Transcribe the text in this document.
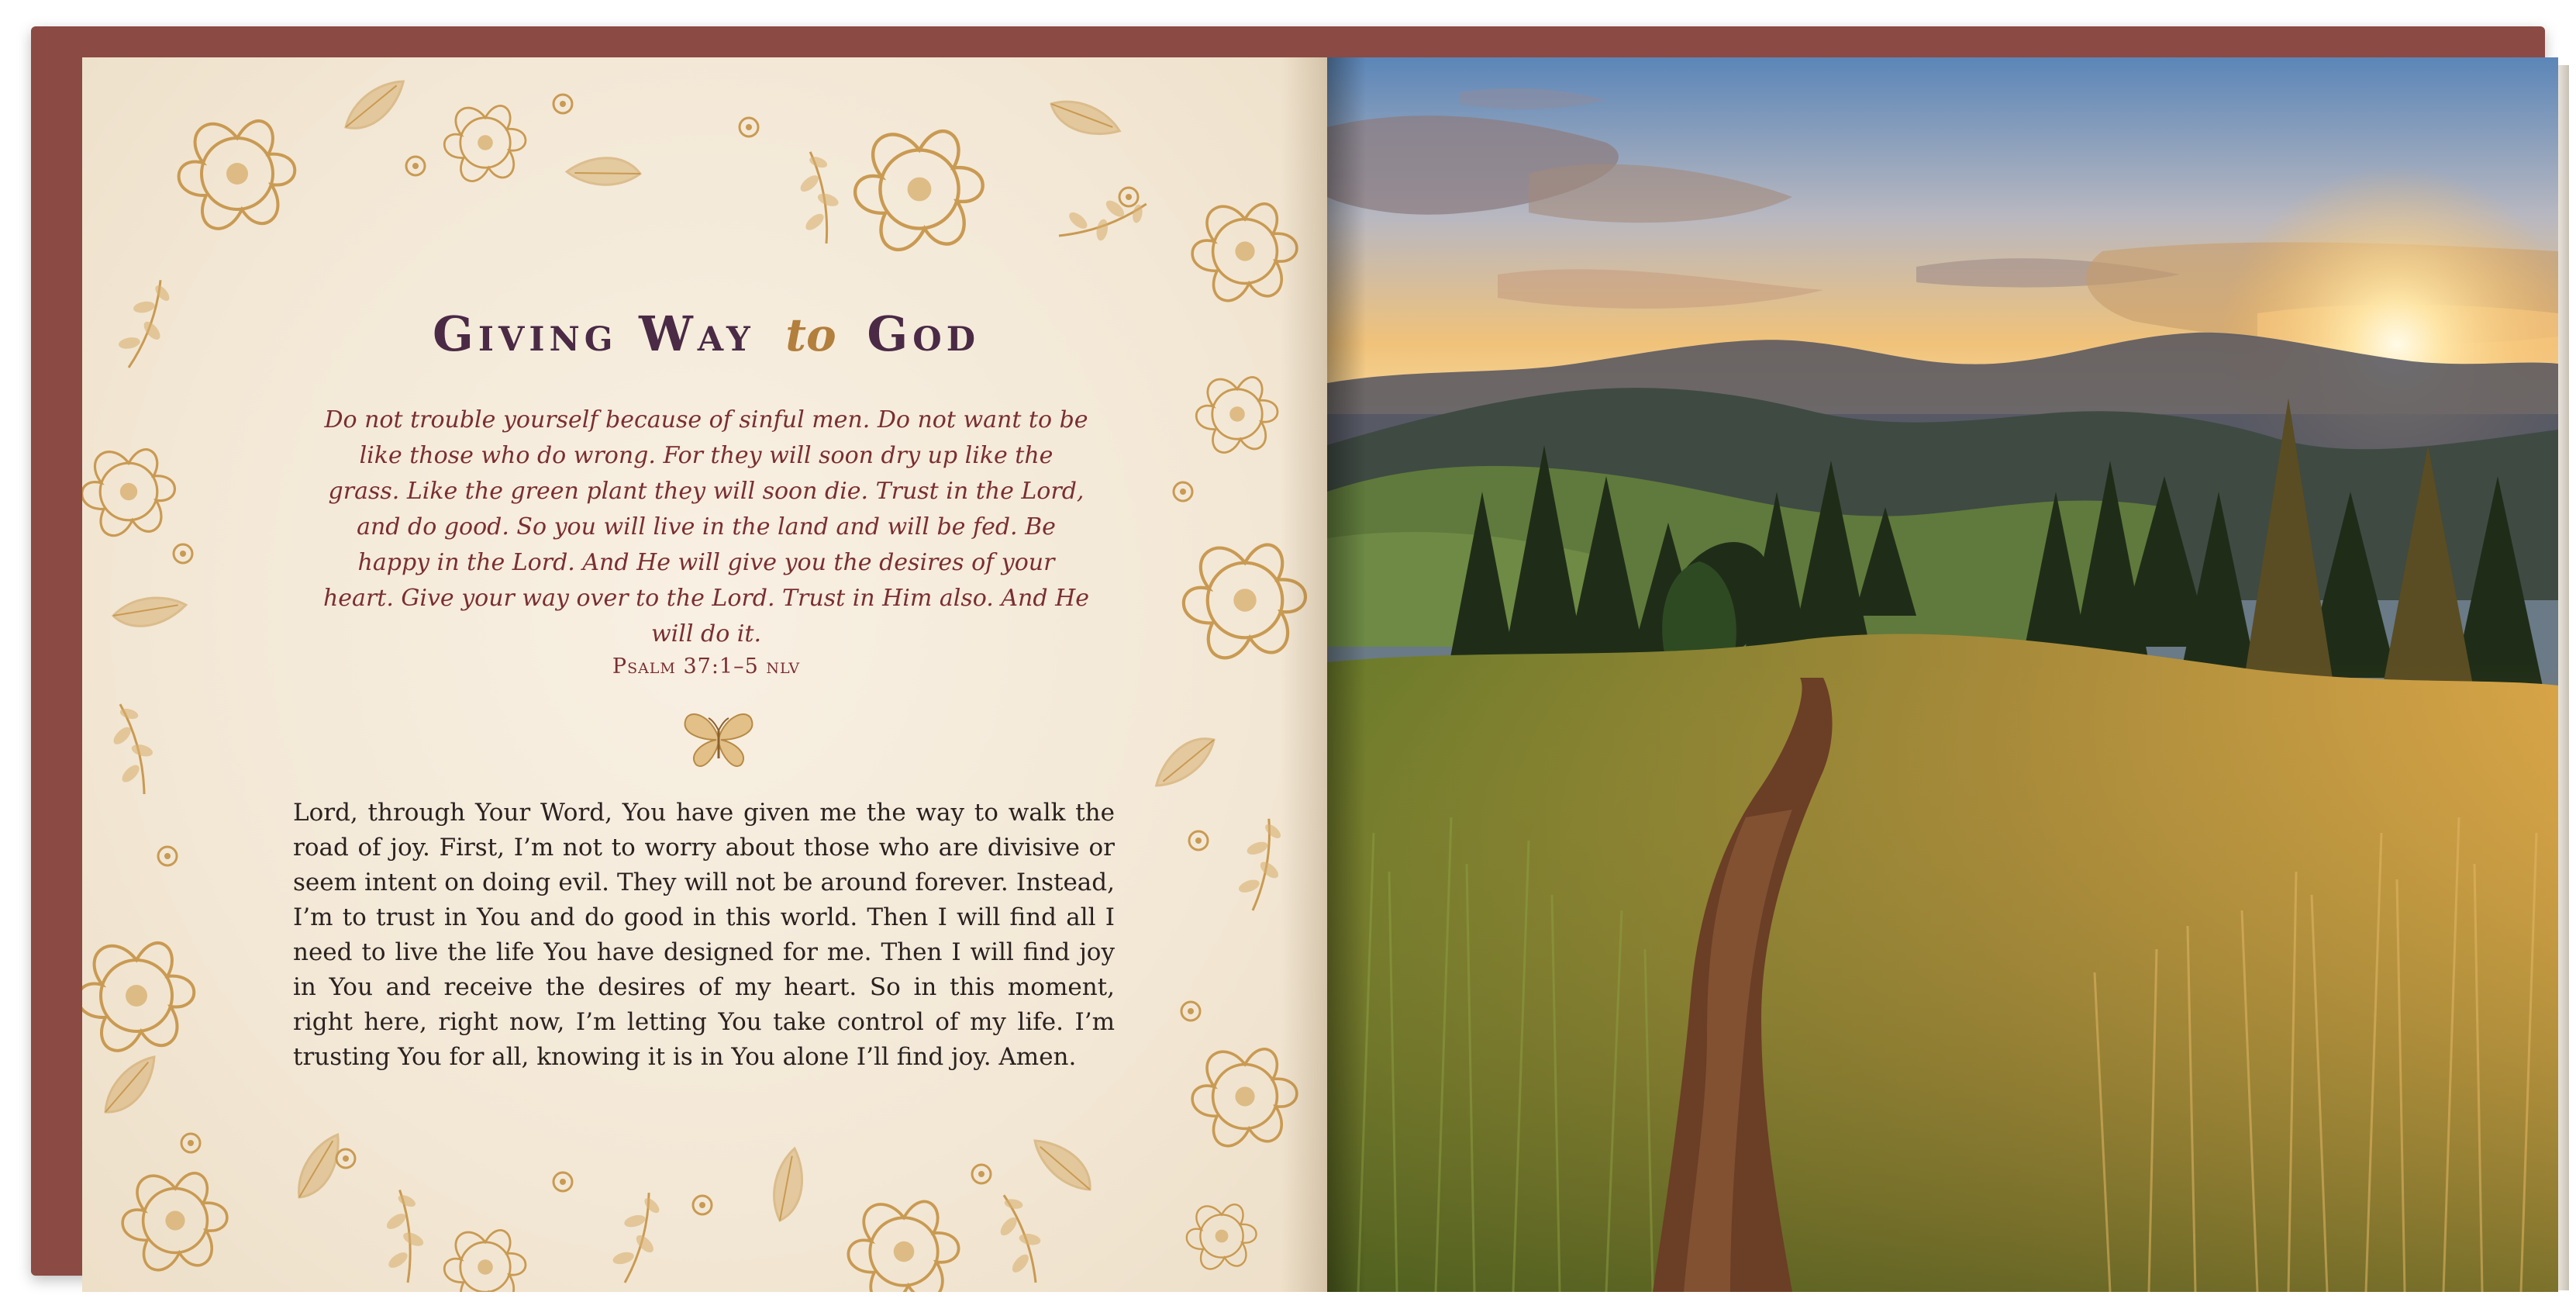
Giving Way to God

Do not trouble yourself because of sinful men. Do not want to be like those who do wrong. For they will soon dry up like the grass. Like the green plant they will soon die. Trust in the Lord, and do good. So you will live in the land and will be fed. Be happy in the Lord. And He will give you the desires of your heart. Give your way over to the Lord. Trust in Him also. And He will do it.

Psalm 37:1–5 nlv

Lord, through Your Word, You have given me the way to walk the road of joy. First, I’m not to worry about those who are divisive or seem intent on doing evil. They will not be around forever. Instead, I’m to trust in You and do good in this world. Then I will find all I need to live the life You have designed for me. Then I will find joy in You and receive the desires of my heart. So in this moment, right here, right now, I’m letting You take control of my life. I’m trusting You for all, knowing it is in You alone I’ll find joy. Amen.
